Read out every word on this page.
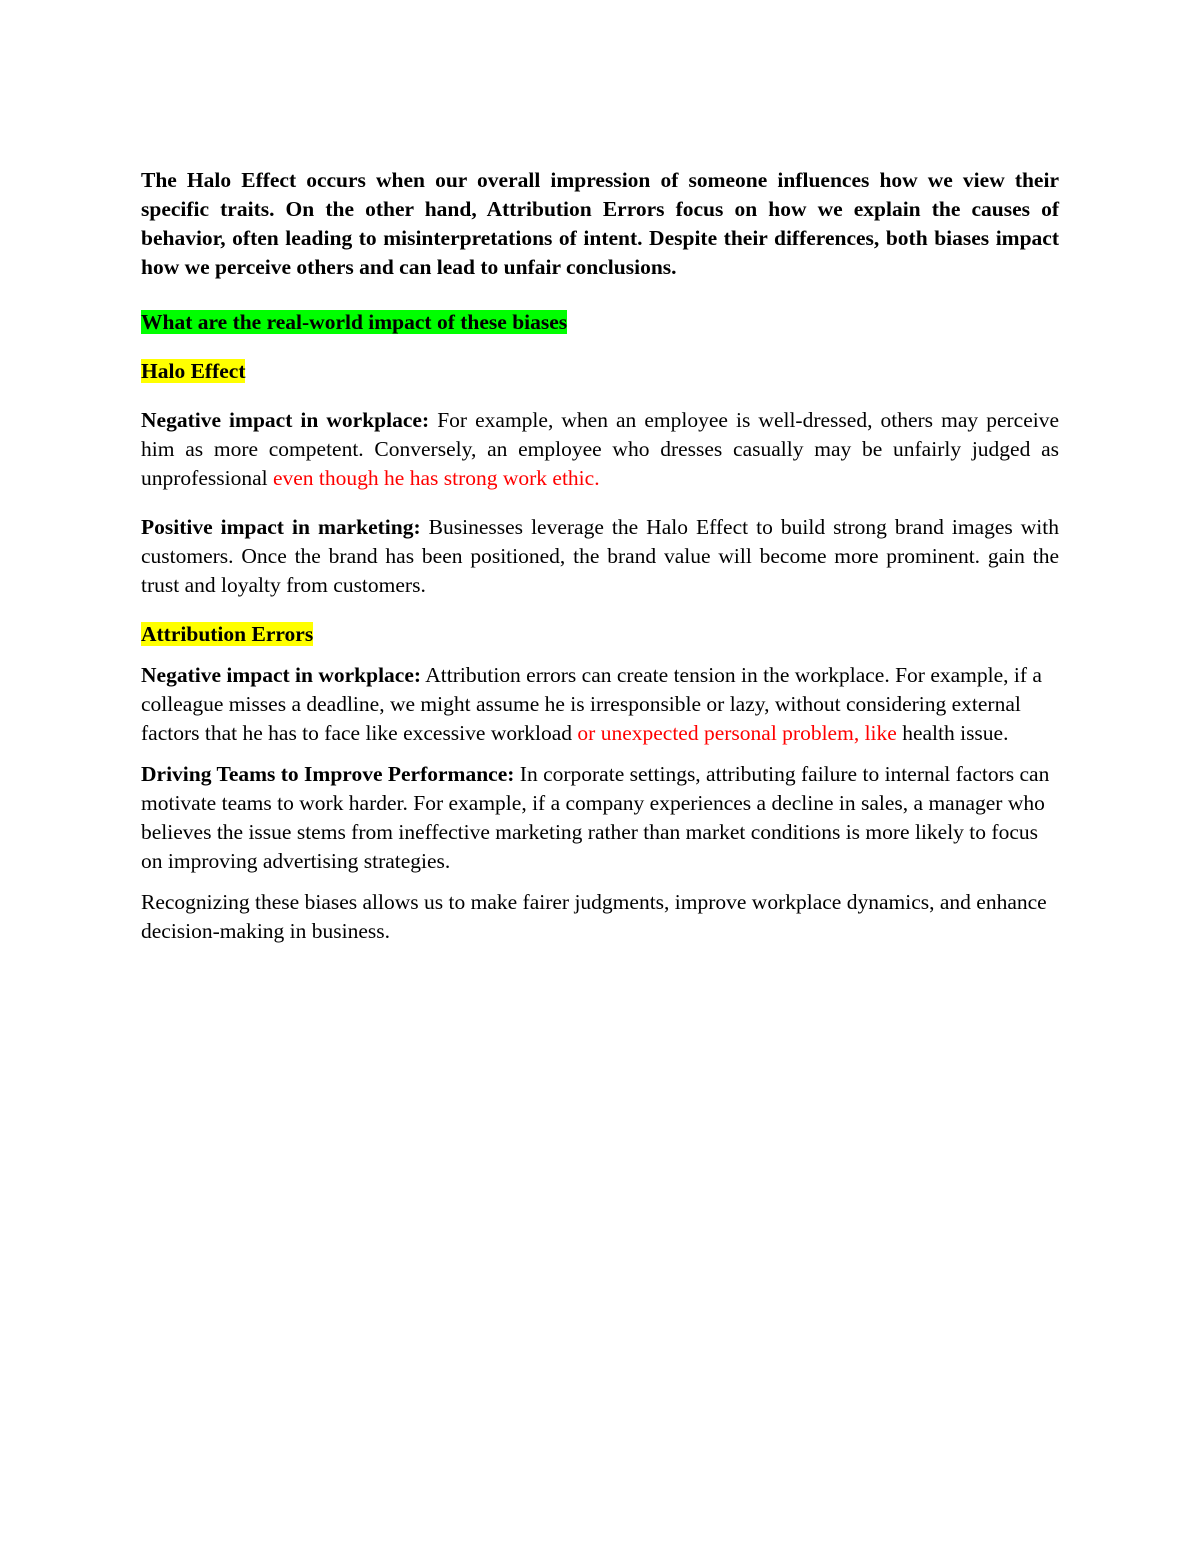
The Halo Effect occurs when our overall impression of someone influences how we view their specific traits. On the other hand, Attribution Errors focus on how we explain the causes of behavior, often leading to misinterpretations of intent. Despite their differences, both biases impact how we perceive others and can lead to unfair conclusions.

What are the real-world impact of these biases

Halo Effect

Negative impact in workplace: For example, when an employee is well-dressed, others may perceive him as more competent. Conversely, an employee who dresses casually may be unfairly judged as unprofessional even though he has strong work ethic.

Positive impact in marketing: Businesses leverage the Halo Effect to build strong brand images with customers. Once the brand has been positioned, the brand value will become more prominent. gain the trust and loyalty from customers.

Attribution Errors

Negative impact in workplace: Attribution errors can create tension in the workplace. For example, if a colleague misses a deadline, we might assume he is irresponsible or lazy, without considering external factors that he has to face like excessive workload or unexpected personal problem, like health issue.

Driving Teams to Improve Performance: In corporate settings, attributing failure to internal factors can motivate teams to work harder. For example, if a company experiences a decline in sales, a manager who believes the issue stems from ineffective marketing rather than market conditions is more likely to focus on improving advertising strategies.

Recognizing these biases allows us to make fairer judgments, improve workplace dynamics, and enhance decision-making in business.
